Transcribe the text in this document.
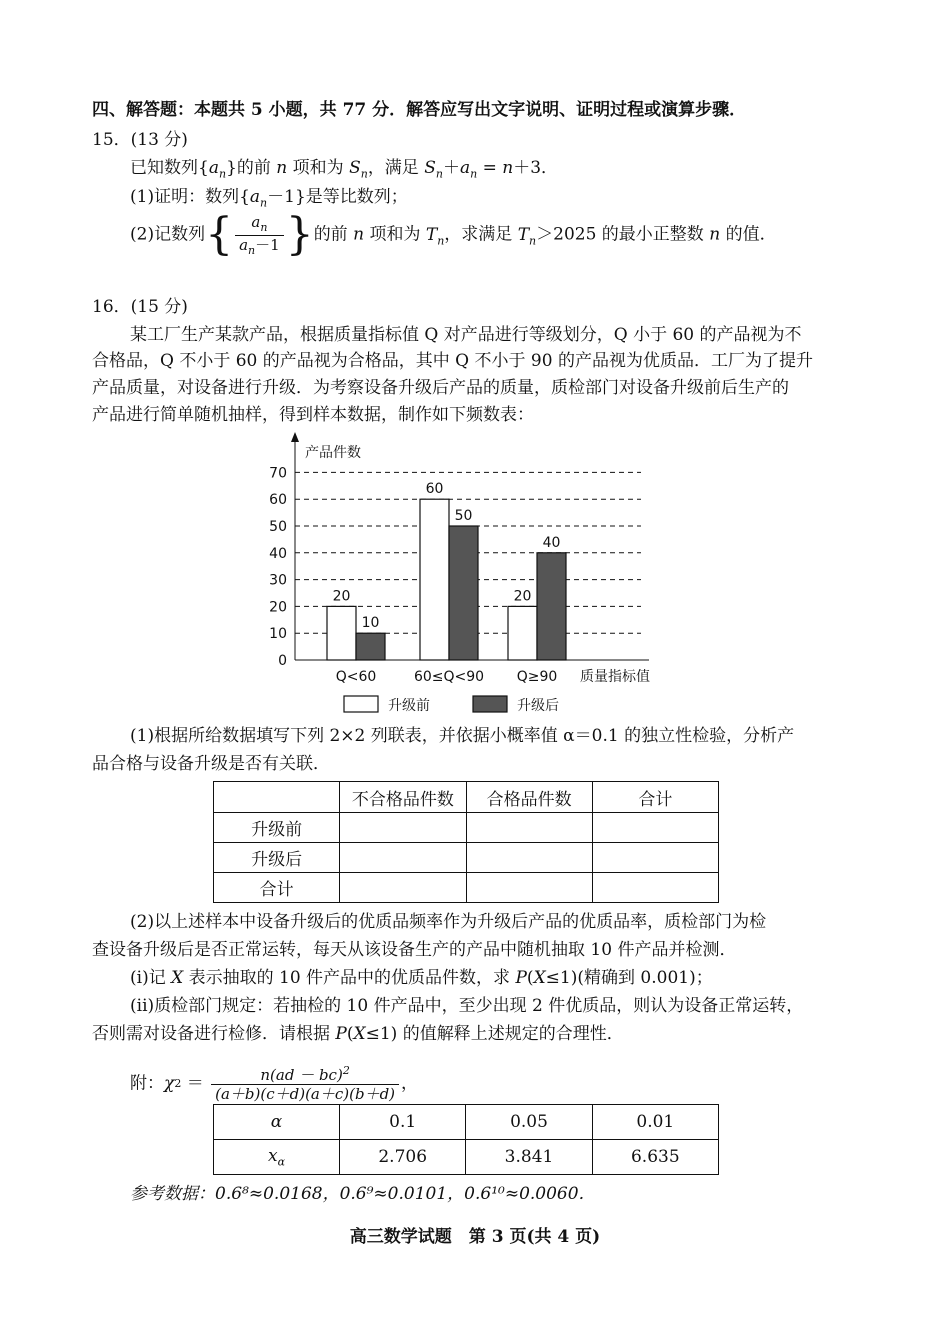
四、解答题：本题共 5 小题，共 77 分．解答应写出文字说明、证明过程或演算步骤．
15．(13 分)
已知数列$\{a_n\}$的前 n 项和为 $S_n$，满足 $S_n+a_n = n+3$．
(1)证明：数列$\{a_n-1\}$是等比数列；
(2)记数列{ $\frac{a_n}{a_n-1}$ }的前 n 项和为 $T_n$，求满足 $T_n>2025$ 的最小正整数 n 的值．
16．(15 分)
某工厂生产某款产品，根据质量指标值 Q 对产品进行等级划分，Q 小于 60 的产品视为不
合格品，Q 不小于 60 的产品视为合格品，其中 Q 不小于 90 的产品视为优质品．工厂为了提升
产品质量，对设备进行升级．为考察设备升级后产品的质量，质检部门对设备升级前后生产的
产品进行简单随机抽样，得到样本数据，制作如下频数表：
0
10
20
30
40
50
60
70
产品件数
质量指标值
20
10
Q<60
60
50
60≤Q<90
20
40
Q≥90
升级前	升级后
(1)根据所给数据填写下列 2×2 列联表，并依据小概率值 α＝0.1 的独立性检验，分析产
品合格与设备升级是否有关联．
	不合格品件数	合格品件数	合计
升级前			
升级后			
合计			
(2)以上述样本中设备升级后的优质品频率作为升级后产品的优质品率，质检部门为检
查设备升级后是否正常运转，每天从该设备生产的产品中随机抽取 10 件产品并检测．
(i)记 X 表示抽取的 10 件产品中的优质品件数，求 P(X≤1)(精确到 0.001)；
(ii)质检部门规定：若抽检的 10 件产品中，至少出现 2 件优质品，则认为设备正常运转，
否则需对设备进行检修．请根据 P(X≤1) 的值解释上述规定的合理性．
附：$\chi 2 = \frac{n(ad - bc)^2}{(a+b)(c+d)(a+c)(b+d)}$ ，
α	0.1	0.05	0.01
$x_\alpha$	2.706	3.841	6.635
参考数据：0.6⁸≈0.0168，0.6⁹≈0.0101，0.6¹⁰≈0.0060．
高三数学试题　第 3 页(共 4 页)
